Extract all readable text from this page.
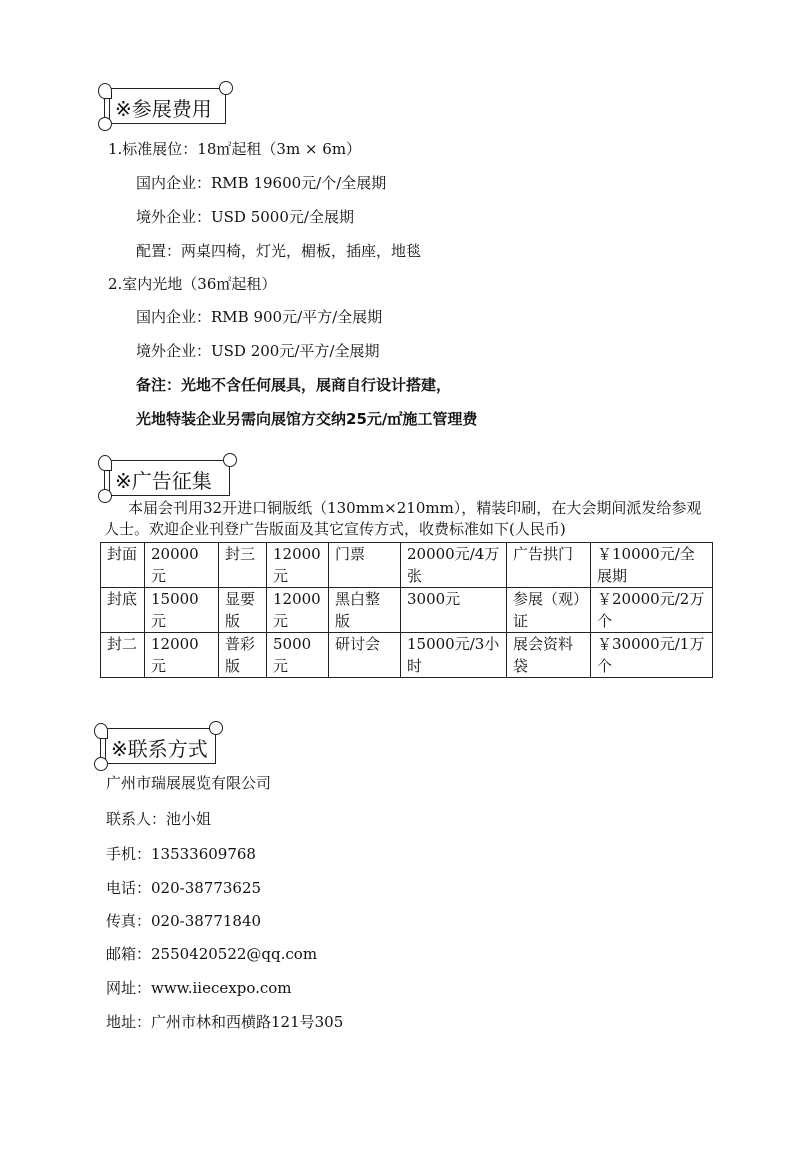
※参展费用
1.标准展位：18㎡起租（3m × 6m）
国内企业：RMB 19600元/个/全展期
境外企业：USD 5000元/全展期
配置：两桌四椅，灯光，楣板，插座，地毯
2.室内光地（36㎡起租）
国内企业：RMB 900元/平方/全展期
境外企业：USD 200元/平方/全展期
备注：光地不含任何展具，展商自行设计搭建，
光地特装企业另需向展馆方交纳25元/㎡施工管理费
※广告征集
本届会刊用32开进口铜版纸（130mm×210mm），精装印刷，在大会期间派发给参观人士。欢迎企业刊登广告版面及其它宣传方式，收费标准如下(人民币)
封面	20000元	封三	12000元	门票	20000元/4万张	广告拱门	￥10000元/全展期
封底	15000元	显要版	12000元	黑白整版	3000元	参展（观）证	￥20000元/2万个
封二	12000元	普彩版	5000元	研讨会	15000元/3小时	展会资料袋	￥30000元/1万个
※联系方式
广州市瑞展展览有限公司
联系人：池小姐
手机：13533609768
电话：020-38773625
传真：020-38771840
邮箱：2550420522@qq.com
网址：www.iiecexpo.com
地址：广州市林和西横路121号305
